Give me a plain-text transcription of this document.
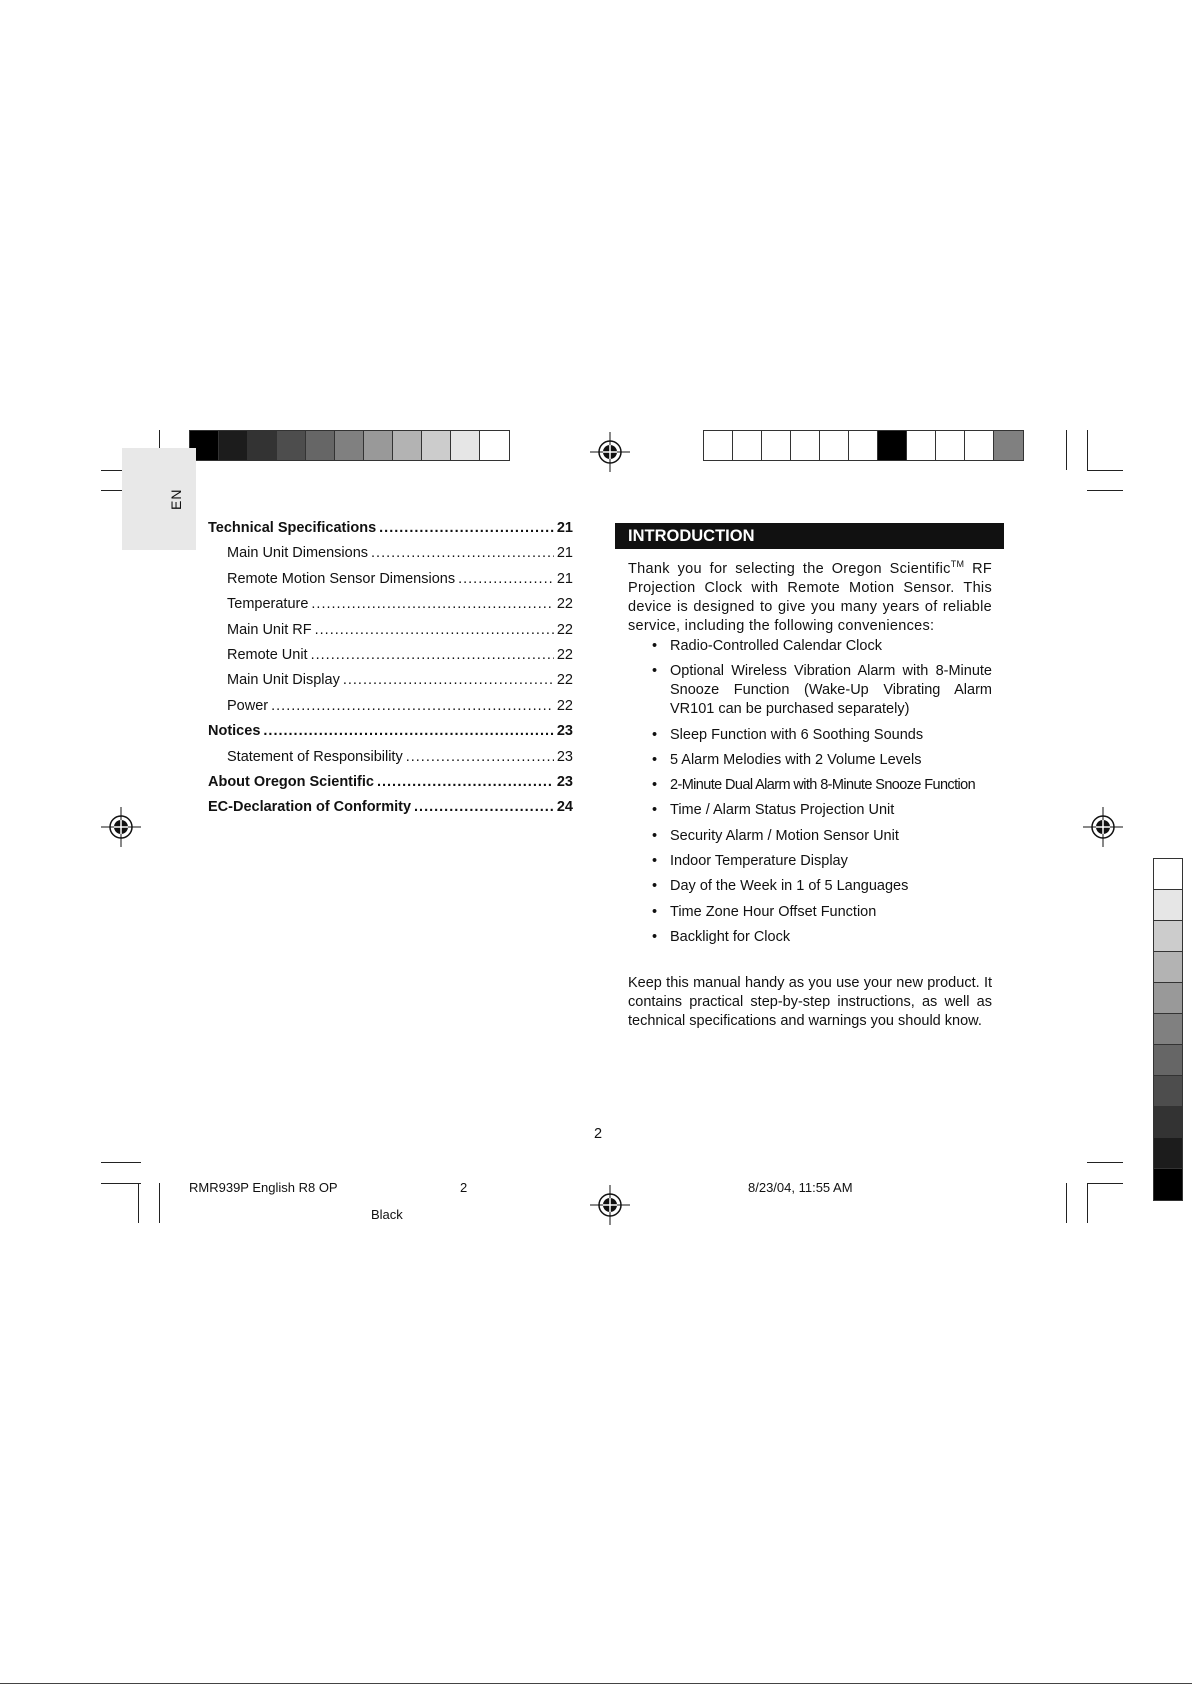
EN
Technical Specifications .....	21
Main Unit Dimensions .....	21
Remote Motion Sensor Dimensions .....	21
Temperature .....	22
Main Unit RF .....	22
Remote Unit .....	22
Main Unit Display .....	22
Power .....	22
Notices .....	23
Statement of Responsibility .....	23
About Oregon Scientific .....	23
EC-Declaration of Conformity .....	24
INTRODUCTION
Thank you for selecting the Oregon Scientific™ RF Projection Clock with Remote Motion Sensor. This device is designed to give you many years of reliable service, including the following conveniences:
• Radio-Controlled Calendar Clock
• Optional Wireless Vibration Alarm with 8-Minute Snooze Function (Wake-Up Vibrating Alarm VR101 can be purchased separately)
• Sleep Function with 6 Soothing Sounds
• 5 Alarm Melodies with 2 Volume Levels
• 2-Minute Dual Alarm with 8-Minute Snooze Function
• Time / Alarm Status Projection Unit
• Security Alarm / Motion Sensor Unit
• Indoor Temperature Display
• Day of the Week in 1 of 5 Languages
• Time Zone Hour Offset Function
• Backlight for Clock
Keep this manual handy as you use your new product. It contains practical step-by-step instructions, as well as technical specifications and warnings you should know.
2
RMR939P English R8 OP	2	8/23/04, 11:55 AM
Black
